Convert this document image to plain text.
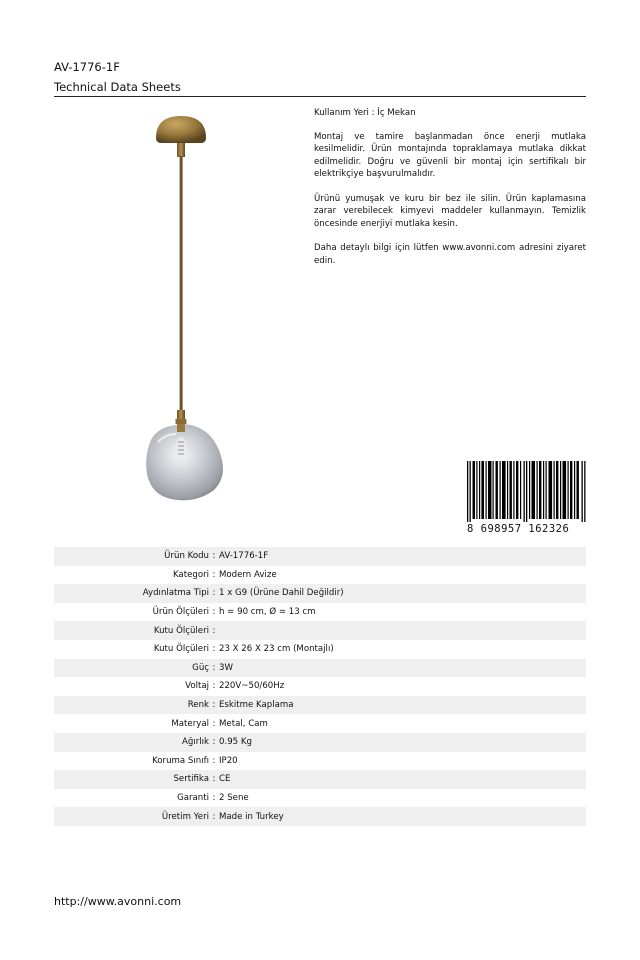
AV-1776-1F
Technical Data Sheets

Kullanım Yeri : İç Mekan

Montaj ve tamire başlanmadan önce enerji mutlaka kesilmelidir. Ürün montajında topraklamaya mutlaka dikkat edilmelidir. Doğru ve güvenli bir montaj için sertifikalı bir elektrikçiye başvurulmalıdır.

Ürünü yumuşak ve kuru bir bez ile silin. Ürün kaplamasına zarar verebilecek kimyevi maddeler kullanmayın. Temizlik öncesinde enerjiyi mutlaka kesin.

Daha detaylı bilgi için lütfen www.avonni.com adresini ziyaret edin.

8 698957 162326
Ürün Kodu : AV-1776-1F
Kategori : Modern Avize
Aydınlatma Tipi : 1 x G9 (Ürüne Dahil Değildir)
Ürün Ölçüleri : h = 90 cm, Ø = 13 cm
Kutu Ölçüleri :
Kutu Ölçüleri : 23 X 26 X 23 cm (Montajlı)
Güç : 3W
Voltaj : 220V~50/60Hz
Renk : Eskitme Kaplama
Materyal : Metal, Cam
Ağırlık : 0.95 Kg
Koruma Sınıfı : IP20
Sertifika : CE
Garanti : 2 Sene
Üretim Yeri : Made in Turkey
http://www.avonni.com
